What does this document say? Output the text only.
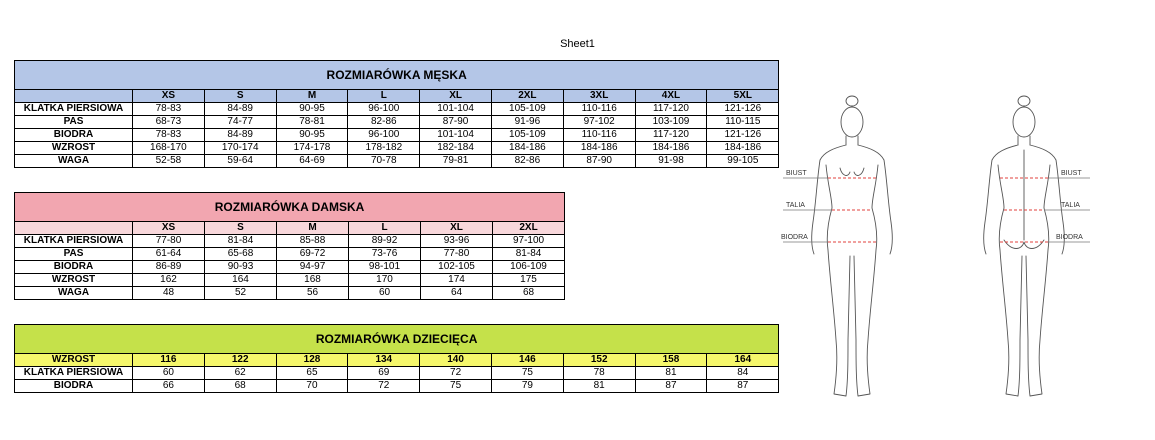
Sheet1
ROZMIARÓWKA MĘSKA									
	XS	S	M	L	XL	2XL	3XL	4XL	5XL
KLATKA PIERSIOWA	78-83	84-89	90-95	96-100	101-104	105-109	110-116	117-120	121-126
PAS	68-73	74-77	78-81	82-86	87-90	91-96	97-102	103-109	110-115
BIODRA	78-83	84-89	90-95	96-100	101-104	105-109	110-116	117-120	121-126
WZROST	168-170	170-174	174-178	178-182	182-184	184-186	184-186	184-186	184-186
WAGA	52-58	59-64	64-69	70-78	79-81	82-86	87-90	91-98	99-105
ROZMIARÓWKA DAMSKA						
	XS	S	M	L	XL	2XL
KLATKA PIERSIOWA	77-80	81-84	85-88	89-92	93-96	97-100
PAS	61-64	65-68	69-72	73-76	77-80	81-84
BIODRA	86-89	90-93	94-97	98-101	102-105	106-109
WZROST	162	164	168	170	174	175
WAGA	48	52	56	60	64	68
ROZMIARÓWKA DZIECIĘCA									
WZROST	116	122	128	134	140	146	152	158	164
KLATKA PIERSIOWA	60	62	65	69	72	75	78	81	84
BIODRA	66	68	70	72	75	79	81	87	87
BIUST
TALIA
BIODRA
BIUST
TALIA
BIODRA
